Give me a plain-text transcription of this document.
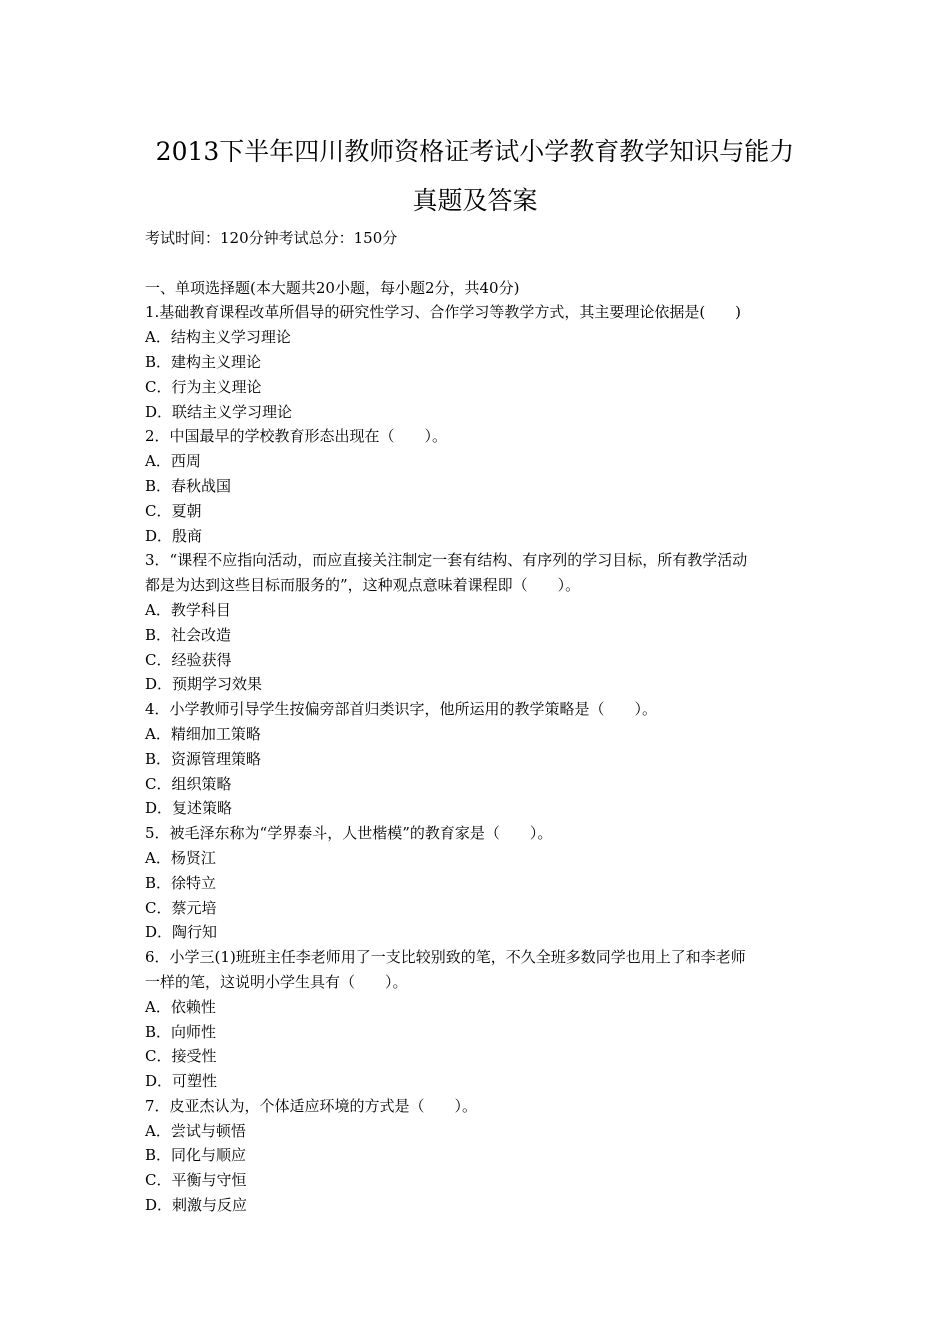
2013下半年四川教师资格证考试小学教育教学知识与能力
真题及答案
考试时间：120分钟考试总分：150分
一、单项选择题(本大题共20小题，每小题2分，共40分)
1.基础教育课程改革所倡导的研究性学习、合作学习等教学方式，其主要理论依据是(　　)
A．结构主义学习理论
B．建构主义理论
C．行为主义理论
D．联结主义学习理论
2．中国最早的学校教育形态出现在（　　）。
A．西周
B．春秋战国
C．夏朝
D．殷商
3．“课程不应指向活动，而应直接关注制定一套有结构、有序列的学习目标，所有教学活动
都是为达到这些目标而服务的”，这种观点意味着课程即（　　）。
A．教学科目
B．社会改造
C．经验获得
D．预期学习效果
4．小学教师引导学生按偏旁部首归类识字，他所运用的教学策略是（　　）。
A．精细加工策略
B．资源管理策略
C．组织策略
D．复述策略
5．被毛泽东称为“学界泰斗，人世楷模”的教育家是（　　）。
A．杨贤江
B．徐特立
C．蔡元培
D．陶行知
6．小学三(1)班班主任李老师用了一支比较别致的笔，不久全班多数同学也用上了和李老师
一样的笔，这说明小学生具有（　　）。
A．依赖性
B．向师性
C．接受性
D．可塑性
7．皮亚杰认为，个体适应环境的方式是（　　）。
A．尝试与顿悟
B．同化与顺应
C．平衡与守恒
D．刺激与反应
